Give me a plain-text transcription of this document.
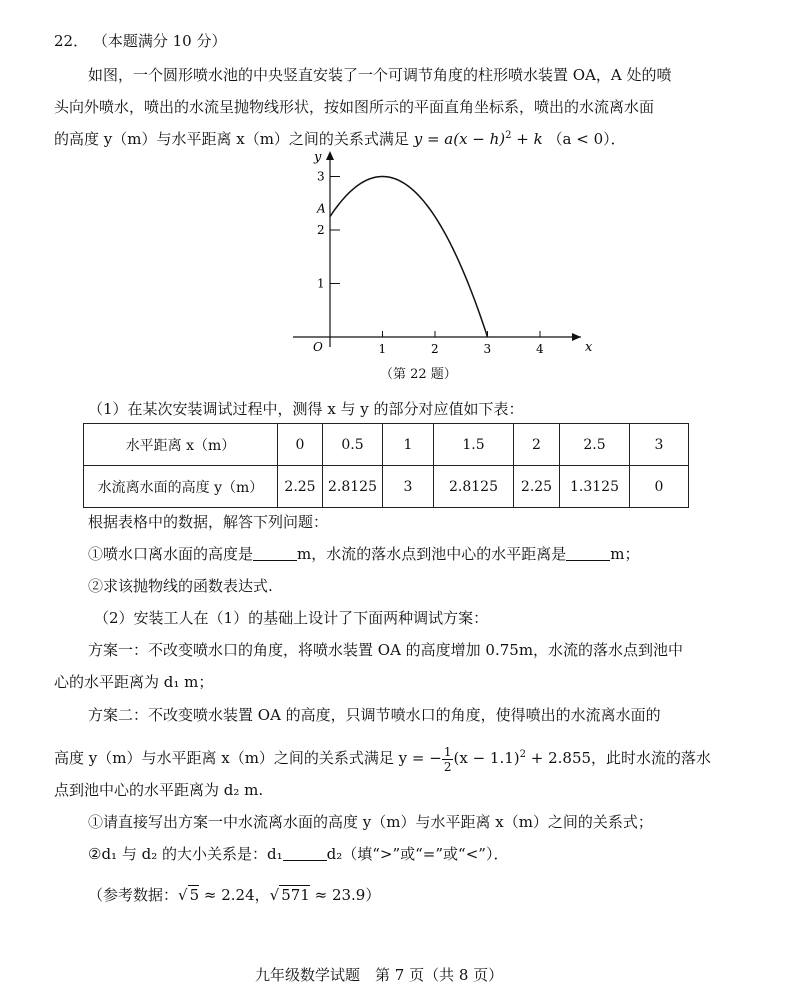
22． （本题满分 10 分）
如图，一个圆形喷水池的中央竖直安装了一个可调节角度的柱形喷水装置 OA，A 处的喷
头向外喷水，喷出的水流呈抛物线形状，按如图所示的平面直角坐标系，喷出的水流离水面
的高度 y（m）与水平距离 x（m）之间的关系式满足 $y = a(x - h)^2 + k$ （a < 0）．
x
y
O	1	2	3	4
1
2
3
A
（第 22 题）
（1）在某次安装调试过程中，测得 x 与 y 的部分对应值如下表：
水平距离 x（m）	0	0.5	1	1.5	2	2.5	3
水流离水面的高度 y（m）	2.25	2.8125	3	2.8125	2.25	1.3125	0
根据表格中的数据，解答下列问题：
①喷水口离水面的高度是	m，水流的落水点到池中心的水平距离是	m；
②求该抛物线的函数表达式.
（2）安装工人在（1）的基础上设计了下面两种调试方案：
方案一：不改变喷水口的角度，将喷水装置 OA 的高度增加 0.75m，水流的落水点到池中
心的水平距离为 d₁ m；
方案二：不改变喷水装置 OA 的高度，只调节喷水口的角度，使得喷出的水流离水面的
高度 y（m）与水平距离 x（m）之间的关系式满足 y = − $\frac{1}{2} (x - 1.1)^2 + 2.855$，此时水流的落水
点到池中心的水平距离为 d₂ m.
①请直接写出方案一中水流离水面的高度 y（m）与水平距离 x（m）之间的关系式；
②d₁ 与 d₂ 的大小关系是：d₁	d₂（填“>”或“=”或“<”）．
（参考数据：√ 5 ≈ 2.24，√ 571 ≈ 23.9）
九年级数学试题　第 7 页（共 8 页）
